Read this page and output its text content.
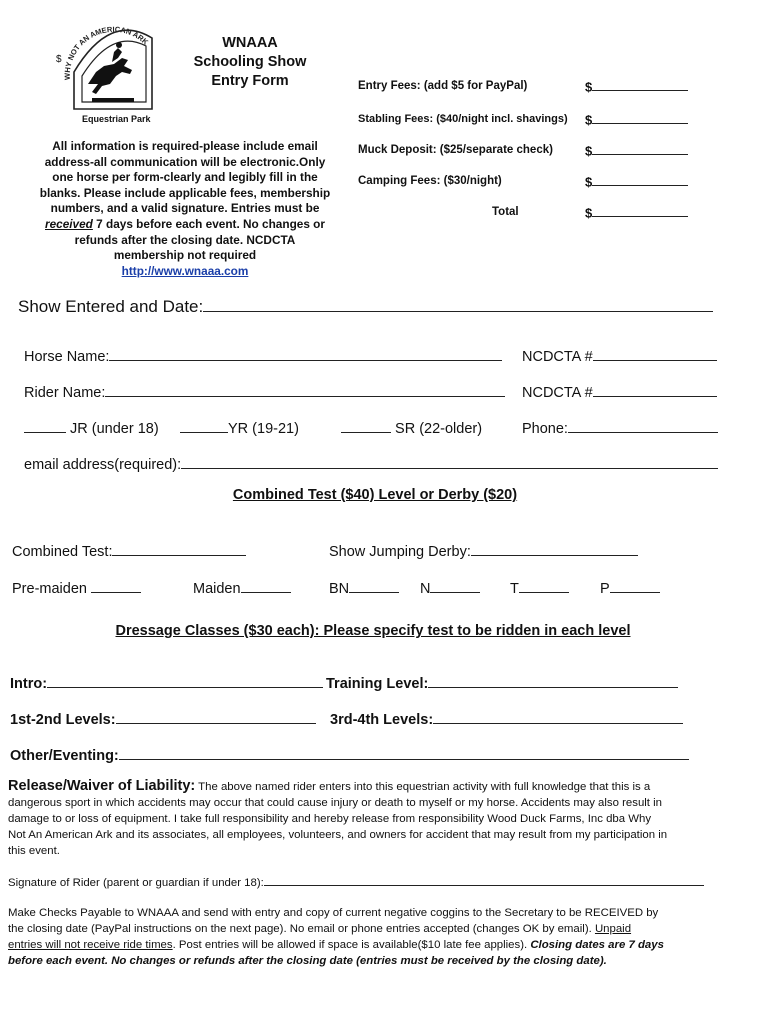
WHY NOT AN AMERICAN ARK
$
Equestrian Park
WNAAA
Schooling Show
Entry Form
All information is required-please include email
address-all communication will be electronic.Only
one horse per form-clearly and legibly fill in the
blanks. Please include applicable fees, membership
numbers, and a valid signature. Entries must be
received 7 days before each event. No changes or
refunds after the closing date. NCDCTA
membership not required
http://www.wnaaa.com
Entry Fees: (add $5 for PayPal)	$
Stabling Fees: ($40/night incl. shavings) $
Muck Deposit: ($25/separate check) $
Camping Fees: ($30/night)	$
Total	$
Show Entered and Date:
Horse Name:	NCDCTA #
Rider Name:	NCDCTA #
JR (under 18)	YR (19-21)	SR (22-older)	Phone:
email address(required):
Combined Test ($40) Level or Derby ($20)
Combined Test:	Show Jumping Derby:
Pre-maiden	Maiden	BN	N	T	P
Dressage Classes ($30 each): Please specify test to be ridden in each level
Intro:	Training Level:
1st-2nd Levels:	3rd-4th Levels:
Other/Eventing:
Release/Waiver of Liability: The above named rider enters into this equestrian activity with full knowledge that this is a
dangerous sport in which accidents may occur that could cause injury or death to myself or my horse. Accidents may also result in
damage to or loss of equipment. I take full responsibility and hereby release from responsibility Wood Duck Farms, Inc dba Why
Not An American Ark and its associates, all employees, volunteers, and owners for accident that may result from my participation in
this event.
Signature of Rider (parent or guardian if under 18):
Make Checks Payable to WNAAA and send with entry and copy of current negative coggins to the Secretary to be RECEIVED by
the closing date (PayPal instructions on the next page). No email or phone entries accepted (changes OK by email). Unpaid
entries will not receive ride times. Post entries will be allowed if space is available($10 late fee applies). Closing dates are 7 days
before each event. No changes or refunds after the closing date (entries must be received by the closing date).
